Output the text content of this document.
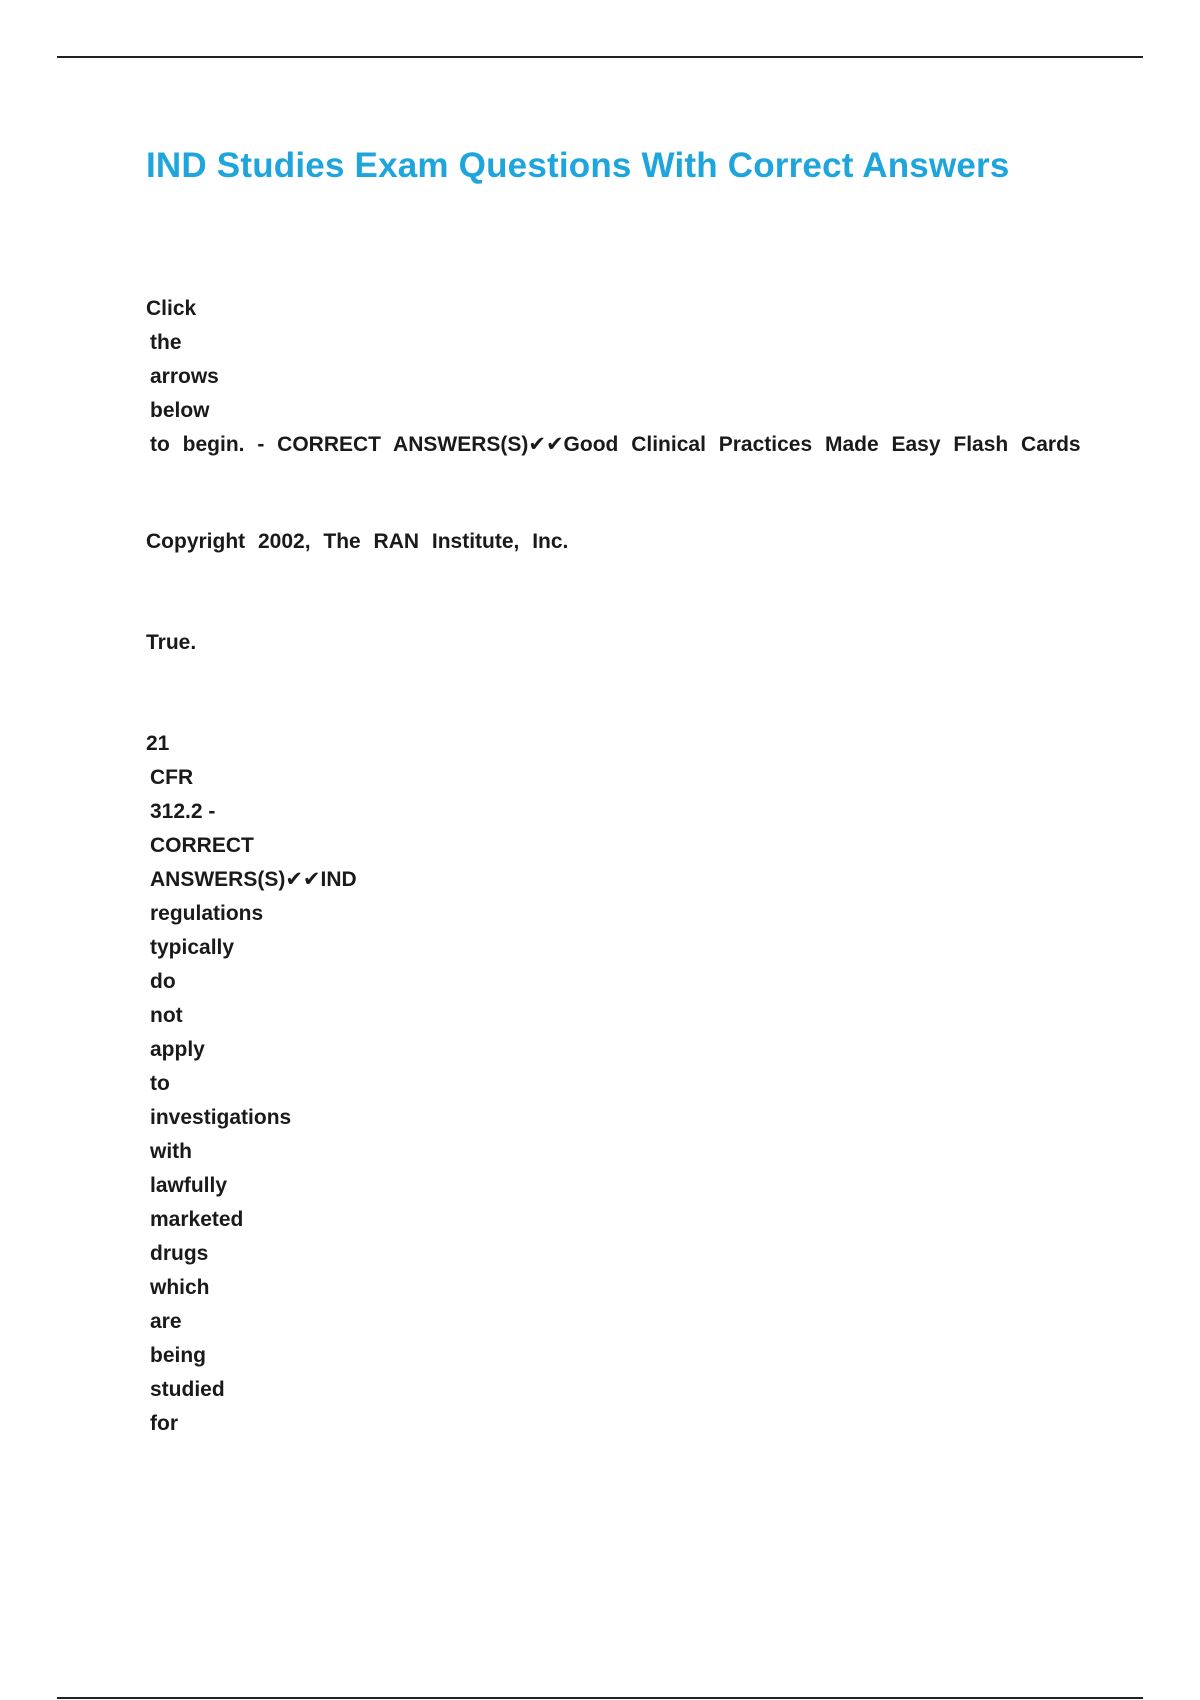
IND Studies Exam Questions With Correct Answers
Click
the
arrows
below
to begin. - CORRECT ANSWERS(S)✔✔Good Clinical Practices Made Easy Flash Cards
Copyright 2002, The RAN Institute, Inc.
True.
21
CFR
312.2 -
CORRECT
ANSWERS(S)✔✔IND
regulations
typically
do
not
apply
to
investigations
with
lawfully
marketed
drugs
which
are
being
studied
for
